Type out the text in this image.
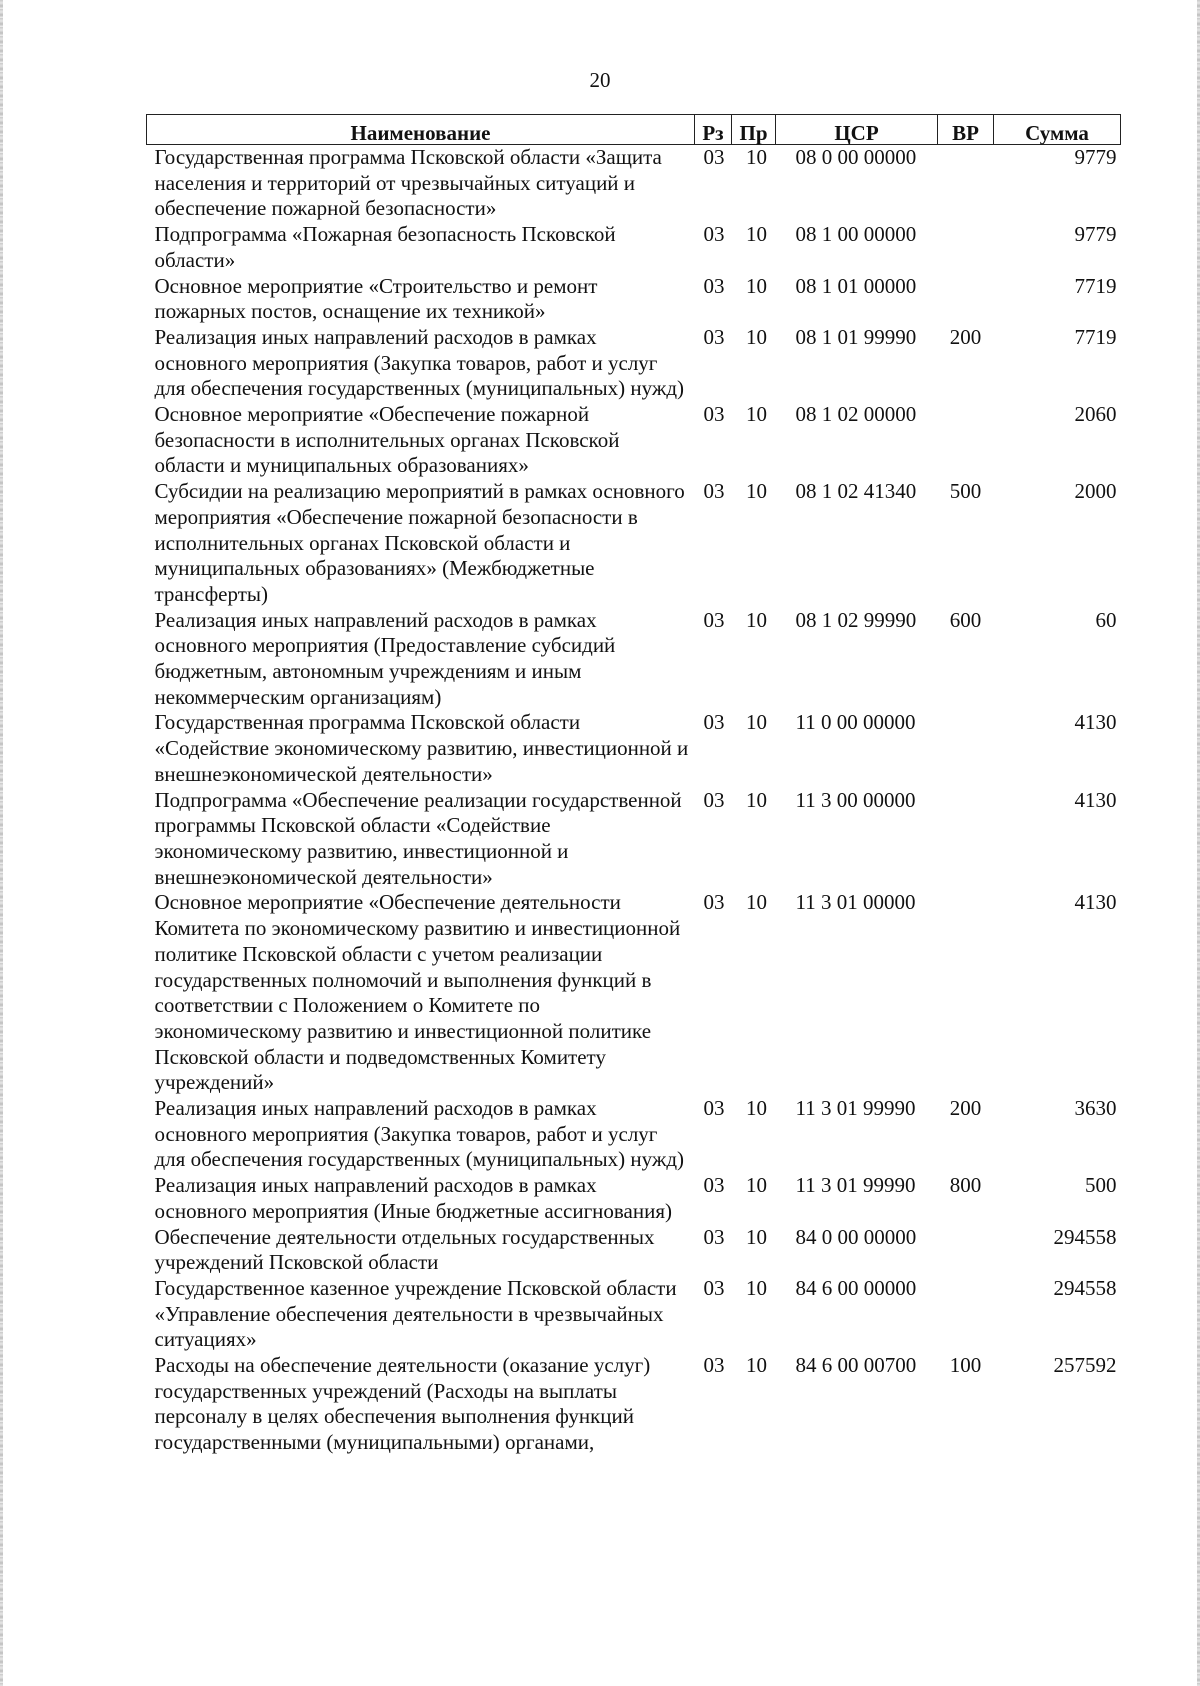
20
Наименование	Рз	Пр	ЦСР	ВР	Сумма
Государственная программа Псковской области «Защита населения и территорий от чрезвычайных ситуаций и обеспечение пожарной безопасности»	03	10	08 0 00 00000		9779
Подпрограмма «Пожарная безопасность Псковской области»	03	10	08 1 00 00000		9779
Основное мероприятие «Строительство и ремонт пожарных постов, оснащение их техникой»	03	10	08 1 01 00000		7719
Реализация иных направлений расходов в рамках основного мероприятия (Закупка товаров, работ и услуг для обеспечения государственных (муниципальных) нужд)	03	10	08 1 01 99990	200	7719
Основное мероприятие «Обеспечение пожарной безопасности в исполнительных органах Псковской области и муниципальных образованиях»	03	10	08 1 02 00000		2060
Субсидии на реализацию мероприятий в рамках основного мероприятия «Обеспечение пожарной безопасности в исполнительных органах Псковской области и муниципальных образованиях» (Межбюджетные трансферты)	03	10	08 1 02 41340	500	2000
Реализация иных направлений расходов в рамках основного мероприятия (Предоставление субсидий бюджетным, автономным учреждениям и иным некоммерческим организациям)	03	10	08 1 02 99990	600	60
Государственная программа Псковской области «Содействие экономическому развитию, инвестиционной и внешнеэкономической деятельности»	03	10	11 0 00 00000		4130
Подпрограмма «Обеспечение реализации государственной программы Псковской области «Содействие экономическому развитию, инвестиционной и внешнеэкономической деятельности»	03	10	11 3 00 00000		4130
Основное мероприятие «Обеспечение деятельности Комитета по экономическому развитию и инвестиционной политике Псковской области с учетом реализации государственных полномочий и выполнения функций в соответствии с Положением о Комитете по экономическому развитию и инвестиционной политике Псковской области и подведомственных Комитету учреждений»	03	10	11 3 01 00000		4130
Реализация иных направлений расходов в рамках основного мероприятия (Закупка товаров, работ и услуг для обеспечения государственных (муниципальных) нужд)	03	10	11 3 01 99990	200	3630
Реализация иных направлений расходов в рамках основного мероприятия (Иные бюджетные ассигнования)	03	10	11 3 01 99990	800	500
Обеспечение деятельности отдельных государственных учреждений Псковской области	03	10	84 0 00 00000		294558
Государственное казенное учреждение Псковской области «Управление обеспечения деятельности в чрезвычайных ситуациях»	03	10	84 6 00 00000		294558
Расходы на обеспечение деятельности (оказание услуг) государственных учреждений (Расходы на выплаты персоналу в целях обеспечения выполнения функций государственными (муниципальными) органами,	03	10	84 6 00 00700	100	257592
